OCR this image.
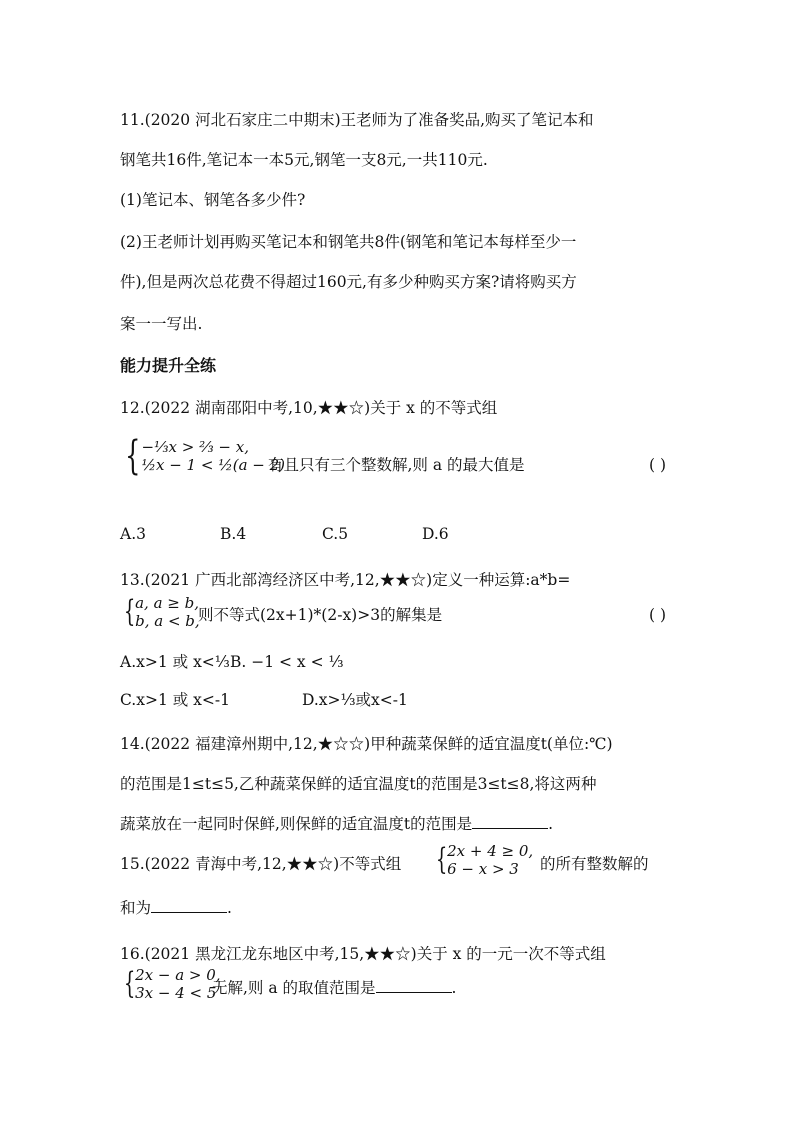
11.(2020 河北石家庄二中期末)王老师为了准备奖品,购买了笔记本和
钢笔共16件,笔记本一本5元,钢笔一支8元,一共110元.
(1)笔记本、钢笔各多少件?
(2)王老师计划再购买笔记本和钢笔共8件(钢笔和笔记本每样至少一
件),但是两次总花费不得超过160元,有多少种购买方案?请将购买方
案一一写出.
能力提升全练
12.(2022 湖南邵阳中考,10,★★☆)关于 x 的不等式组
{ −⅓x > ⅔ − x,
½x − 1 < ½(a − 2)
有且只有三个整数解,则 a 的最大值是	( )
A.3	B.4	C.5	D.6
13.(2021 广西北部湾经济区中考,12,★★☆)定义一种运算:a*b=
{ a, a ≥ b,
b, a < b,
则不等式(2x+1)*(2-x)>3的解集是	( )
A.x>1 或 x<⅓ B. −1 < x < ⅓
C.x>1 或 x<-1	D.x>⅓或x<-1
14.(2022 福建漳州期中,12,★☆☆)甲种蔬菜保鲜的适宜温度t(单位:℃)
的范围是1≤t≤5,乙种蔬菜保鲜的适宜温度t的范围是3≤t≤8,将这两种
蔬菜放在一起同时保鲜,则保鲜的适宜温度t的范围是	.
15.(2022 青海中考,12,★★☆)不等式组	{ 2x + 4 ≥ 0,
6 − x > 3	的所有整数解的
和为	.
16.(2021 黑龙江龙东地区中考,15,★★☆)关于 x 的一元一次不等式组
{ 2x − a > 0,
3x − 4 < 5
无解,则 a 的取值范围是	.
